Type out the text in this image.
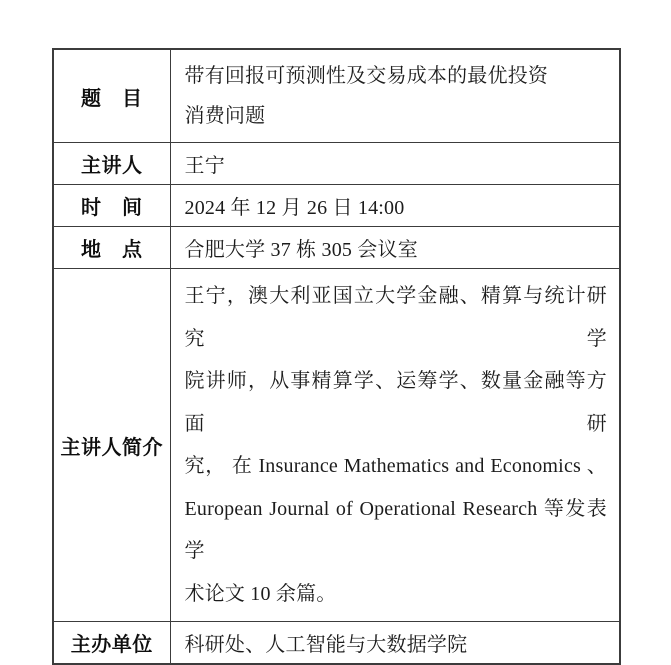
题　目	带有回报可预测性及交易成本的最优投资
消费问题

主讲人	王宁

时　间	2024 年 12 月 26 日 14:00

地　点	合肥大学 37 栋 305 会议室

主讲人简介	王宁，澳大利亚国立大学金融、精算与统计研究学
院讲师，从事精算学、运筹学、数量金融等方面研
究， 在 Insurance Mathematics and Economics 、
European Journal of Operational Research 等发表学
术论文 10 余篇。

主办单位	科研处、人工智能与大数据学院
